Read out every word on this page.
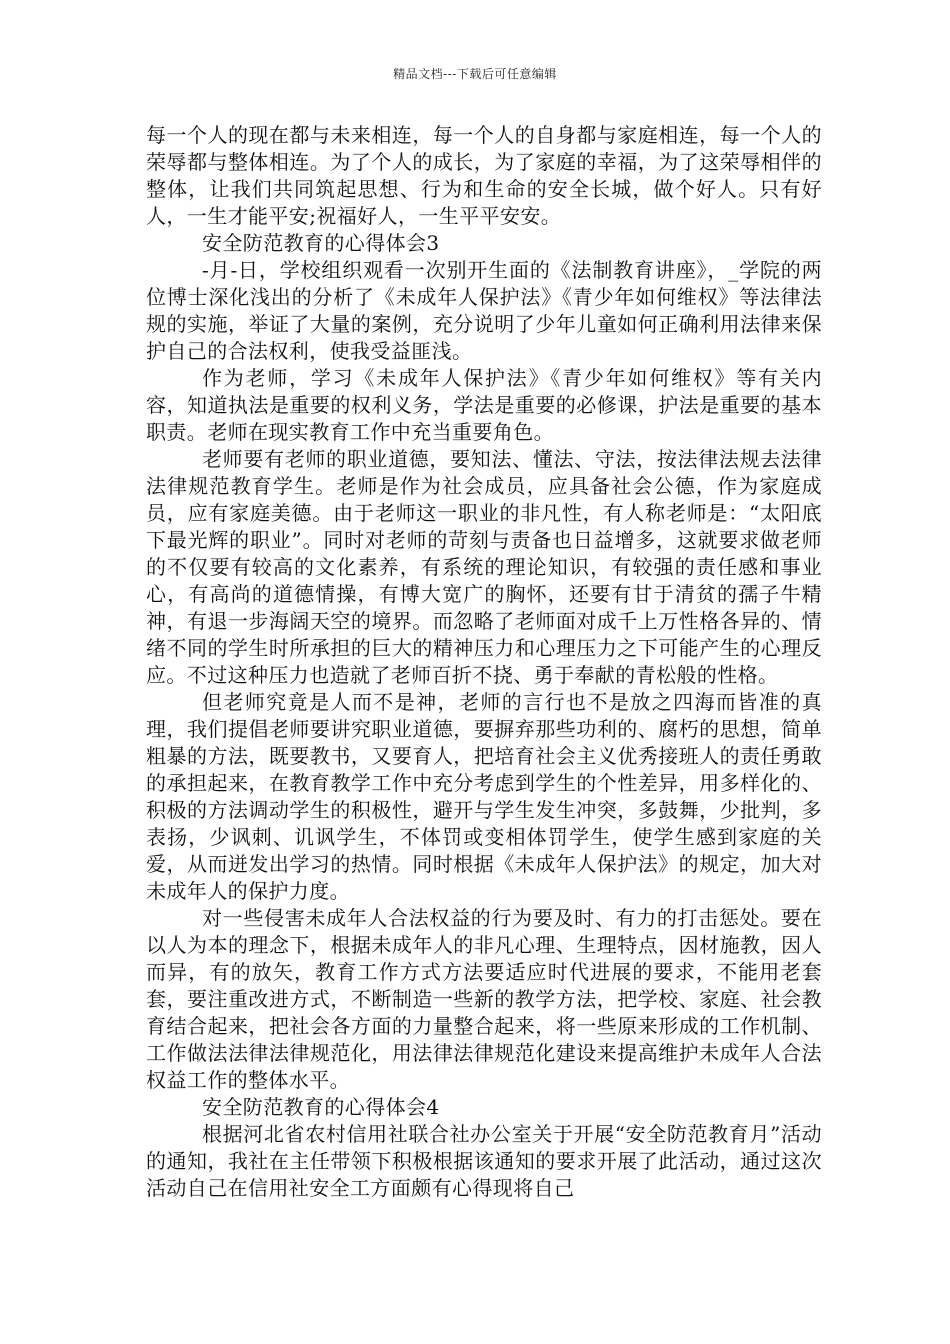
精品文档---下载后可任意编辑

每一个人的现在都与未来相连，每一个人的自身都与家庭相连，每一个人的荣辱都与整体相连。为了个人的成长，为了家庭的幸福，为了这荣辱相伴的整体，让我们共同筑起思想、行为和生命的安全长城，做个好人。只有好人，一生才能平安;祝福好人，一生平平安安。

安全防范教育的心得体会3

-月-日，学校组织观看一次别开生面的《法制教育讲座》，_学院的两位博士深化浅出的分析了《未成年人保护法》《青少年如何维权》等法律法规的实施，举证了大量的案例，充分说明了少年儿童如何正确利用法律来保护自己的合法权利，使我受益匪浅。

作为老师，学习《未成年人保护法》《青少年如何维权》等有关内容，知道执法是重要的权利义务，学法是重要的必修课，护法是重要的基本职责。老师在现实教育工作中充当重要角色。

老师要有老师的职业道德，要知法、懂法、守法，按法律法规去法律法律规范教育学生。老师是作为社会成员，应具备社会公德，作为家庭成员，应有家庭美德。由于老师这一职业的非凡性，有人称老师是：“太阳底下最光辉的职业”。同时对老师的苛刻与责备也日益增多，这就要求做老师的不仅要有较高的文化素养，有系统的理论知识，有较强的责任感和事业心，有高尚的道德情操，有博大宽广的胸怀，还要有甘于清贫的孺子牛精神，有退一步海阔天空的境界。而忽略了老师面对成千上万性格各异的、情绪不同的学生时所承担的巨大的精神压力和心理压力之下可能产生的心理反应。不过这种压力也造就了老师百折不挠、勇于奉献的青松般的性格。

但老师究竟是人而不是神，老师的言行也不是放之四海而皆准的真理，我们提倡老师要讲究职业道德，要摒弃那些功利的、腐朽的思想，简单粗暴的方法，既要教书，又要育人，把培育社会主义优秀接班人的责任勇敢的承担起来，在教育教学工作中充分考虑到学生的个性差异，用多样化的、积极的方法调动学生的积极性，避开与学生发生冲突，多鼓舞，少批判，多表扬，少讽刺、讥讽学生，不体罚或变相体罚学生，使学生感到家庭的关爱，从而迸发出学习的热情。同时根据《未成年人保护法》的规定，加大对未成年人的保护力度。

对一些侵害未成年人合法权益的行为要及时、有力的打击惩处。要在以人为本的理念下，根据未成年人的非凡心理、生理特点，因材施教，因人而异，有的放矢，教育工作方式方法要适应时代进展的要求，不能用老套套，要注重改进方式，不断制造一些新的教学方法，把学校、家庭、社会教育结合起来，把社会各方面的力量整合起来，将一些原来形成的工作机制、工作做法法律法律规范化，用法律法律规范化建设来提高维护未成年人合法权益工作的整体水平。

安全防范教育的心得体会4

根据河北省农村信用社联合社办公室关于开展“安全防范教育月”活动的通知，我社在主任带领下积极根据该通知的要求开展了此活动，通过这次活动自己在信用社安全工方面颇有心得现将自己
